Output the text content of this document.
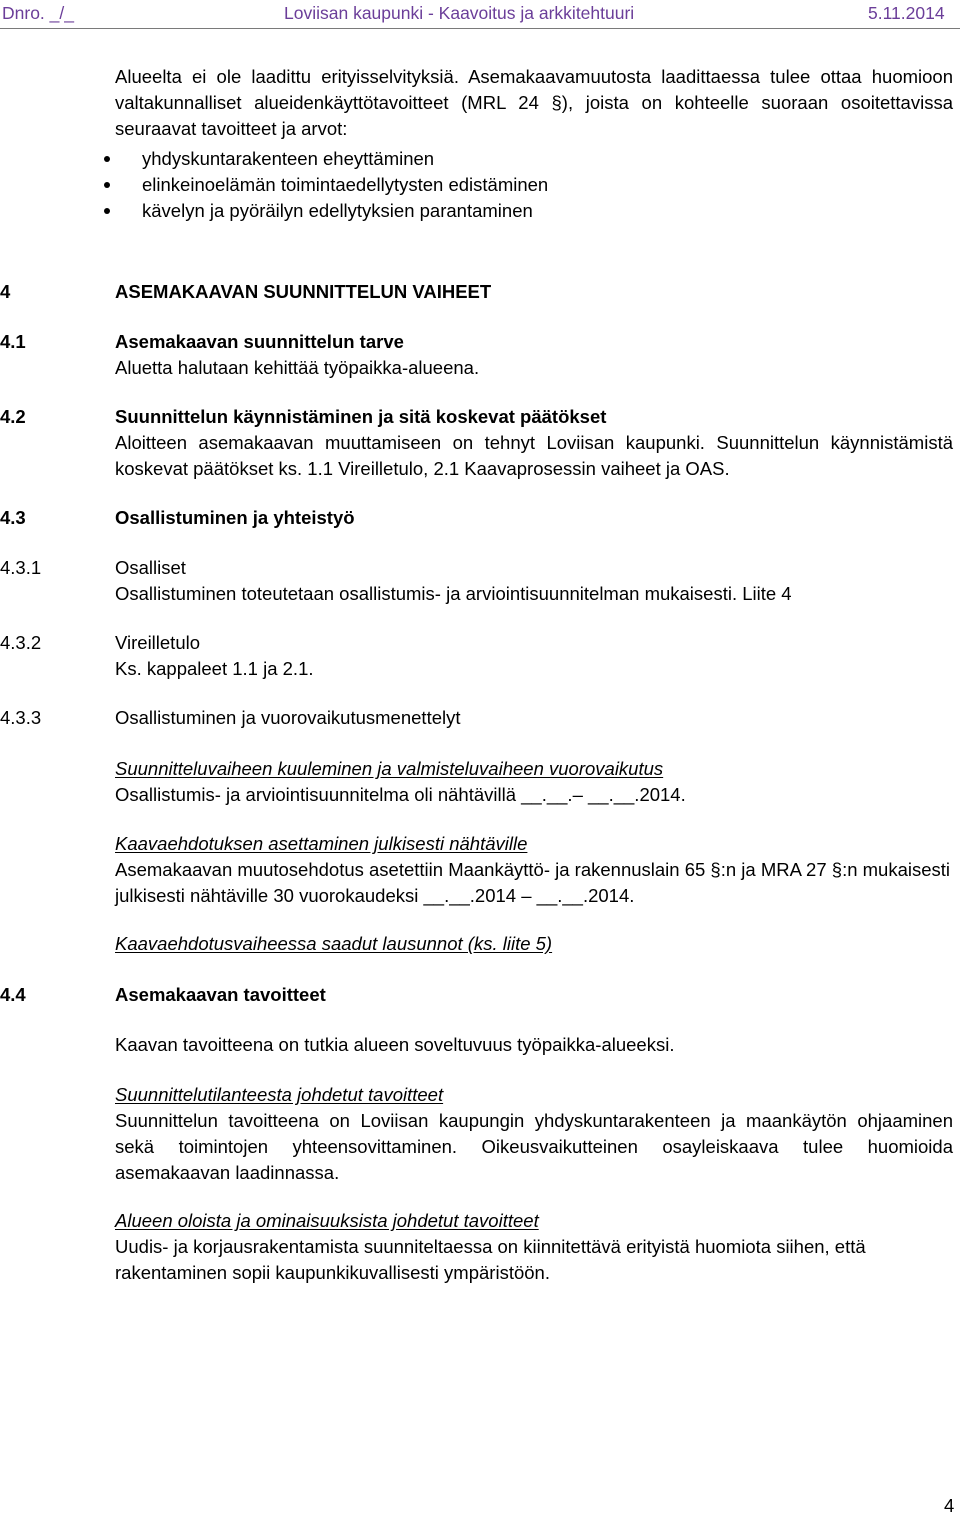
Dnro. _/_	Loviisan kaupunki - Kaavoitus ja arkkitehtuuri	5.11.2014
Alueelta ei ole laadittu erityisselvityksiä. Asemakaavamuutosta laadittaessa tulee ottaa huomioon valtakunnalliset alueidenkäyttötavoitteet (MRL 24 §), joista on kohteelle suoraan osoitettavissa seuraavat tavoitteet ja arvot:
yhdyskuntarakenteen eheyttäminen
elinkeinoelämän toimintaedellytysten edistäminen
kävelyn ja pyöräilyn edellytyksien parantaminen
4	ASEMAKAAVAN SUUNNITTELUN VAIHEET
4.1	Asemakaavan suunnittelun tarve
Aluetta halutaan kehittää työpaikka-alueena.
4.2	Suunnittelun käynnistäminen ja sitä koskevat päätökset
Aloitteen asemakaavan muuttamiseen on tehnyt Loviisan kaupunki. Suunnittelun käynnistämistä koskevat päätökset ks. 1.1 Vireilletulo, 2.1 Kaavaprosessin vaiheet ja OAS.
4.3	Osallistuminen ja yhteistyö
4.3.1	Osalliset
Osallistuminen toteutetaan osallistumis- ja arviointisuunnitelman mukaisesti. Liite 4
4.3.2	Vireilletulo
Ks. kappaleet 1.1 ja 2.1.
4.3.3	Osallistuminen ja vuorovaikutusmenettelyt
Suunnitteluvaiheen kuuleminen ja valmisteluvaiheen vuorovaikutus
Osallistumis- ja arviointisuunnitelma oli nähtävillä __.__.– __.__.2014.
Kaavaehdotuksen asettaminen julkisesti nähtäville
Asemakaavan muutosehdotus asetettiin Maankäyttö- ja rakennuslain 65 §:n ja MRA 27 §:n mukaisesti julkisesti nähtäville 30 vuorokaudeksi __.__.2014 – __.__.2014.
Kaavaehdotusvaiheessa saadut lausunnot (ks. liite 5)
4.4	Asemakaavan tavoitteet
Kaavan tavoitteena on tutkia alueen soveltuvuus työpaikka-alueeksi.
Suunnittelutilanteesta johdetut tavoitteet
Suunnittelun tavoitteena on Loviisan kaupungin yhdyskuntarakenteen ja maankäytön ohjaaminen sekä toimintojen yhteensovittaminen. Oikeusvaikutteinen osayleiskaava tulee huomioida asemakaavan laadinnassa.
Alueen oloista ja ominaisuuksista johdetut tavoitteet
Uudis- ja korjausrakentamista suunniteltaessa on kiinnitettävä erityistä huomiota siihen, että rakentaminen sopii kaupunkikuvallisesti ympäristöön.
4
